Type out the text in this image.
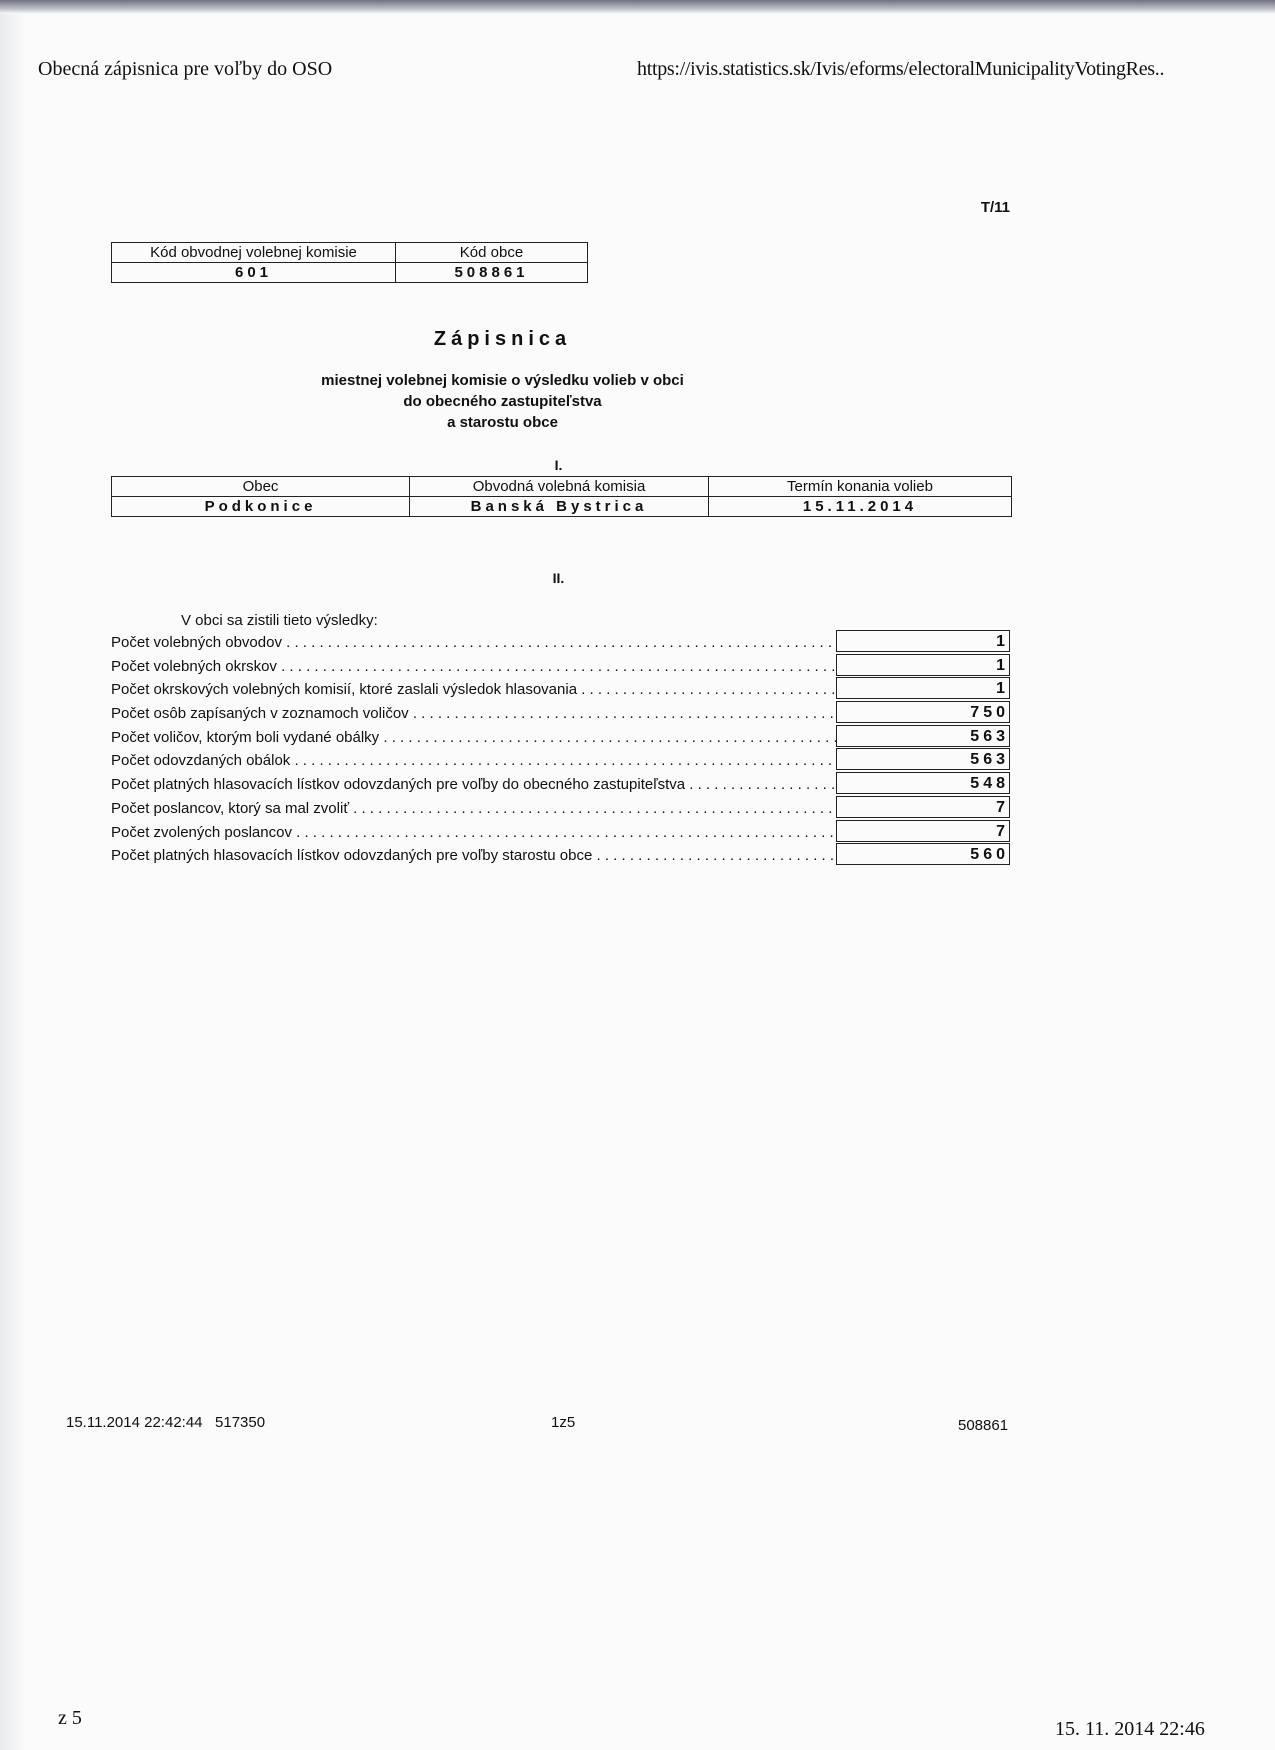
Obecná zápisnica pre voľby do OSO	https://ivis.statistics.sk/Ivis/eforms/electoralMunicipalityVotingRes..
T/11
Kód obvodnej volebnej komisie	Kód obce
601	508861
Zápisnica
miestnej volebnej komisie o výsledku volieb v obci
do obecného zastupiteľstva
a starostu obce
I.
Obec	Obvodná volebná komisia	Termín konania volieb
Podkonice	Banská Bystrica	15.11.2014
II.
V obci sa zistili tieto výsledky:
Počet volebných obvodov . . .	1
Počet volebných okrskov . . .	1
Počet okrskových volebných komisií, ktoré zaslali výsledok hlasovania . . .	1
Počet osôb zapísaných v zoznamoch voličov . . .	750
Počet voličov, ktorým boli vydané obálky . . .	563
Počet odovzdaných obálok . . .	563
Počet platných hlasovacích lístkov odovzdaných pre voľby do obecného zastupiteľstva . . .	548
Počet poslancov, ktorý sa mal zvoliť . . .	7
Počet zvolených poslancov . . .	7
Počet platných hlasovacích lístkov odovzdaných pre voľby starostu obce . . .	560
15.11.2014 22:42:44   517350	1z5	508861
z 5	15. 11. 2014 22:46
